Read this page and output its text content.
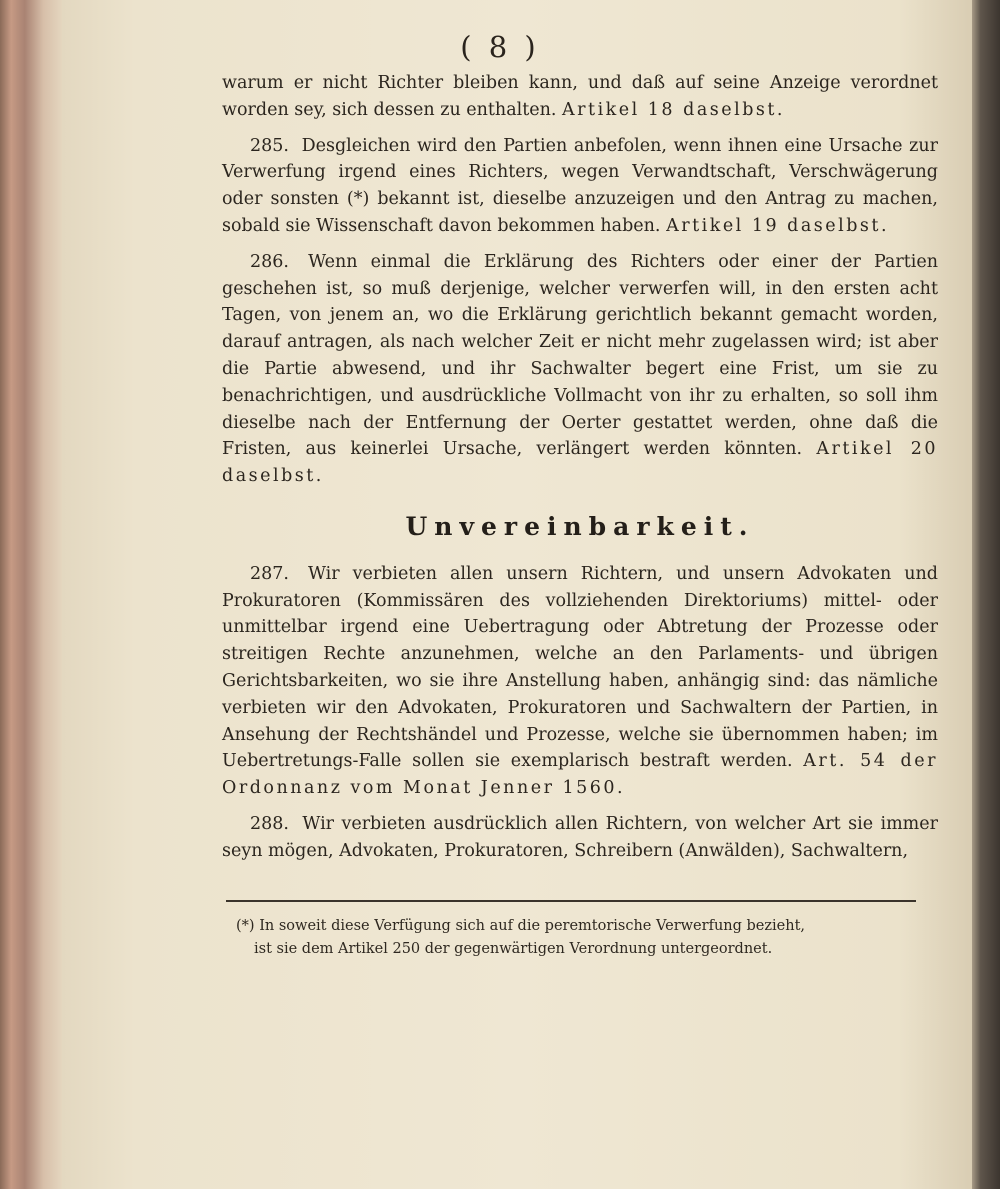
( 8 )

warum er nicht Richter bleiben kann, und daß auf seine Anzeige verordnet worden sey, sich dessen zu enthalten. Artikel 18 daselbst.

285. Desgleichen wird den Partien anbefolen, wenn ihnen eine Ursache zur Verwerfung irgend eines Richters, wegen Verwandtschaft, Verschwägerung oder sonsten (*) bekannt ist, dieselbe anzuzeigen und den Antrag zu machen, sobald sie Wissenschaft davon bekommen haben. Artikel 19 daselbst.

286. Wenn einmal die Erklärung des Richters oder einer der Partien geschehen ist, so muß derjenige, welcher verwerfen will, in den ersten acht Tagen, von jenem an, wo die Erklärung gerichtlich bekannt gemacht worden, darauf antragen, als nach welcher Zeit er nicht mehr zugelassen wird; ist aber die Partie abwesend, und ihr Sachwalter begert eine Frist, um sie zu benachrichtigen, und ausdrückliche Vollmacht von ihr zu erhalten, so soll ihm dieselbe nach der Entfernung der Oerter gestattet werden, ohne daß die Fristen, aus keinerlei Ursache, verlängert werden könnten. Artikel 20 daselbst.

Unvereinbarkeit.

287. Wir verbieten allen unsern Richtern, und unsern Advokaten und Prokuratoren (Kommissären des vollziehenden Direktoriums) mittel- oder unmittelbar irgend eine Uebertragung oder Abtretung der Prozesse oder streitigen Rechte anzunehmen, welche an den Parlaments- und übrigen Gerichtsbarkeiten, wo sie ihre Anstellung haben, anhängig sind: das nämliche verbieten wir den Advokaten, Prokuratoren und Sachwaltern der Partien, in Ansehung der Rechtshändel und Prozesse, welche sie übernommen haben; im Uebertretungs-Falle sollen sie exemplarisch bestraft werden. Art. 54 der Ordonnanz vom Monat Jenner 1560.

288. Wir verbieten ausdrücklich allen Richtern, von welcher Art sie immer seyn mögen, Advokaten, Prokuratoren, Schreibern (Anwälden), Sachwaltern,

(*) In soweit diese Verfügung sich auf die peremtorische Verwerfung bezieht,
ist sie dem Artikel 250 der gegenwärtigen Verordnung untergeordnet.
